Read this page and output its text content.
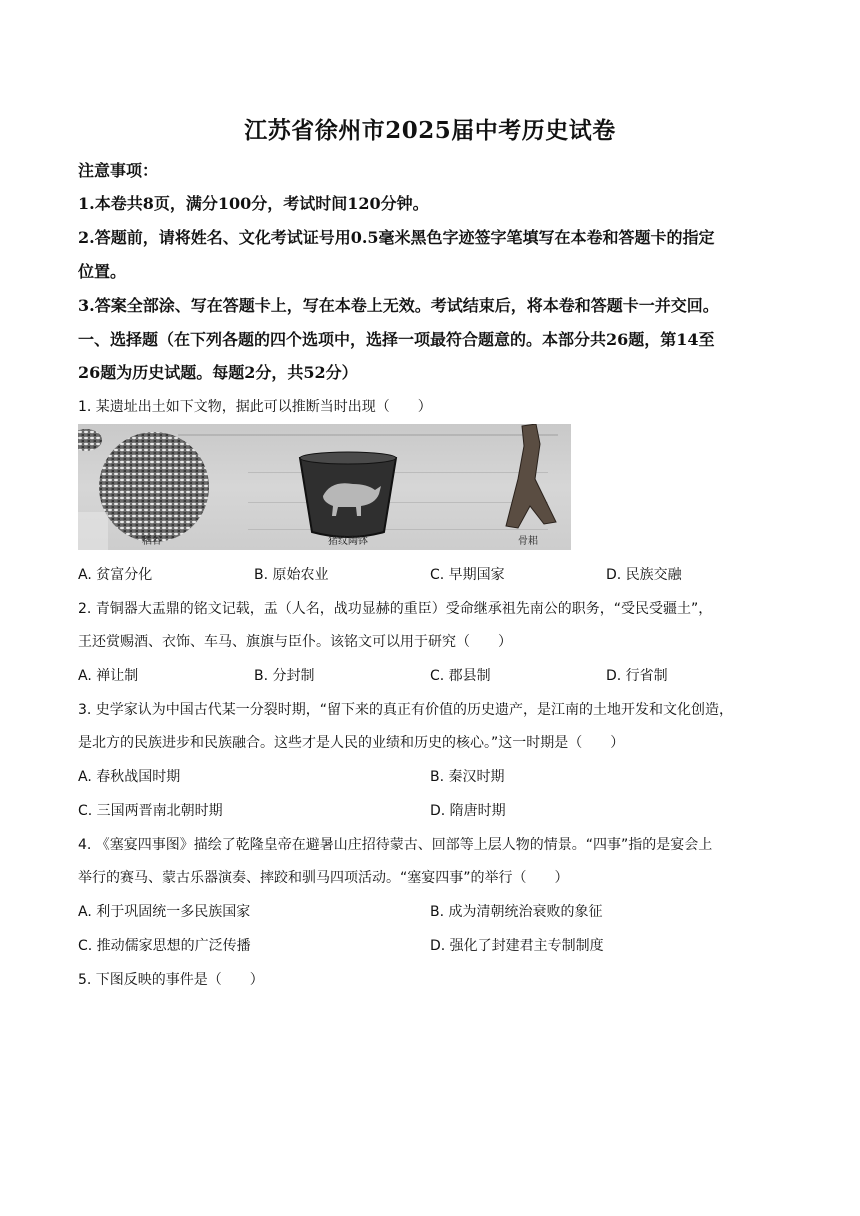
江苏省徐州市2025届中考历史试卷
注意事项：
1.本卷共8页，满分100分，考试时间120分钟。
2.答题前，请将姓名、文化考试证号用0.5毫米黑色字迹签字笔填写在本卷和答题卡的指定
位置。
3.答案全部涂、写在答题卡上，写在本卷上无效。考试结束后，将本卷和答题卡一并交回。
一、选择题（在下列各题的四个选项中，选择一项最符合题意的。本部分共26题，第14至
26题为历史试题。每题2分，共52分）
1. 某遗址出土如下文物，据此可以推断当时出现（　　）
稻谷	猪纹陶钵	骨耜
A. 贫富分化	B. 原始农业	C. 早期国家	D. 民族交融
2. 青铜器大盂鼎的铭文记载，盂（人名，战功显赫的重臣）受命继承祖先南公的职务，“受民受疆土”，
王还赏赐酒、衣饰、车马、旗旗与臣仆。该铭文可以用于研究（　　）
A. 禅让制	B. 分封制	C. 郡县制	D. 行省制
3. 史学家认为中国古代某一分裂时期，“留下来的真正有价值的历史遗产，是江南的土地开发和文化创造，
是北方的民族进步和民族融合。这些才是人民的业绩和历史的核心。”这一时期是（　　）
A. 春秋战国时期	B. 秦汉时期
C. 三国两晋南北朝时期	D. 隋唐时期
4. 《塞宴四事图》描绘了乾隆皇帝在避暑山庄招待蒙古、回部等上层人物的情景。“四事”指的是宴会上
举行的赛马、蒙古乐器演奏、摔跤和驯马四项活动。“塞宴四事”的举行（　　）
A. 利于巩固统一多民族国家	B. 成为清朝统治衰败的象征
C. 推动儒家思想的广泛传播	D. 强化了封建君主专制制度
5. 下图反映的事件是（　　）
